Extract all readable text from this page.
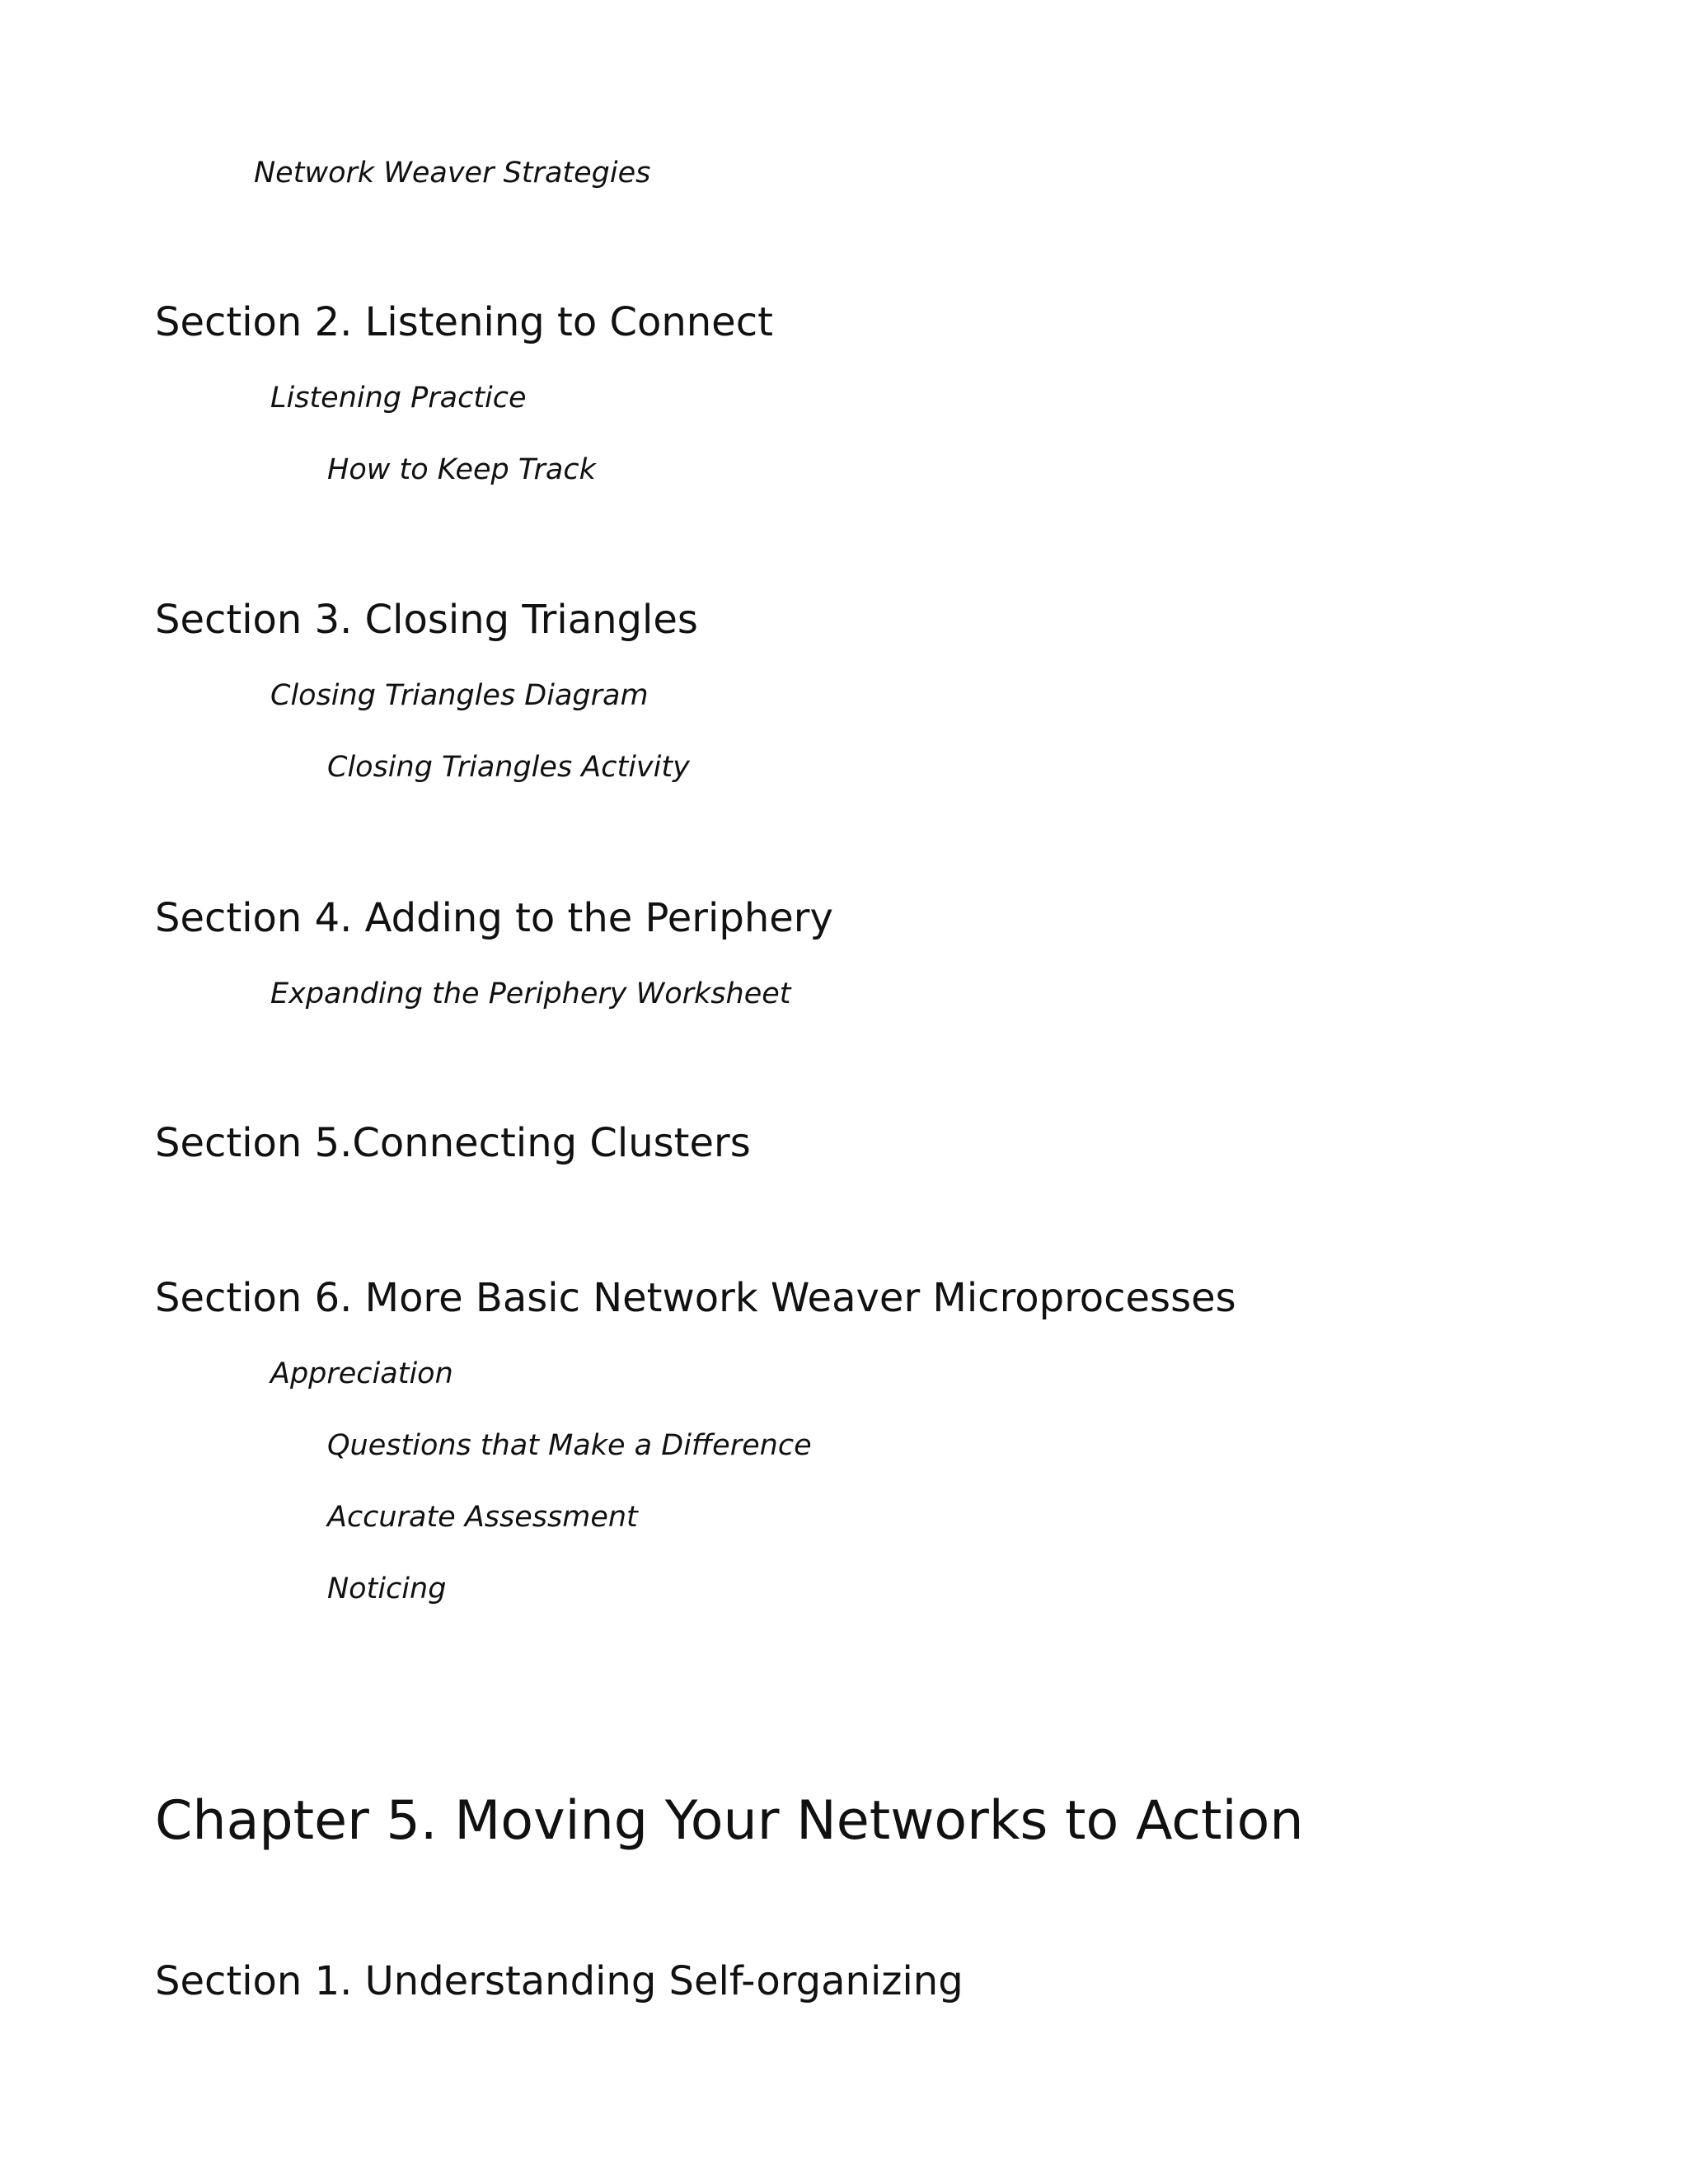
Network Weaver Strategies
Section 2. Listening to Connect
Listening Practice
How to Keep Track
Section 3. Closing Triangles
Closing Triangles Diagram
Closing Triangles Activity
Section 4. Adding to the Periphery
Expanding the Periphery Worksheet
Section 5.Connecting Clusters
Section 6. More Basic Network Weaver Microprocesses
Appreciation
Questions that Make a Difference
Accurate Assessment
Noticing
Chapter 5. Moving Your Networks to Action
Section 1. Understanding Self-organizing
